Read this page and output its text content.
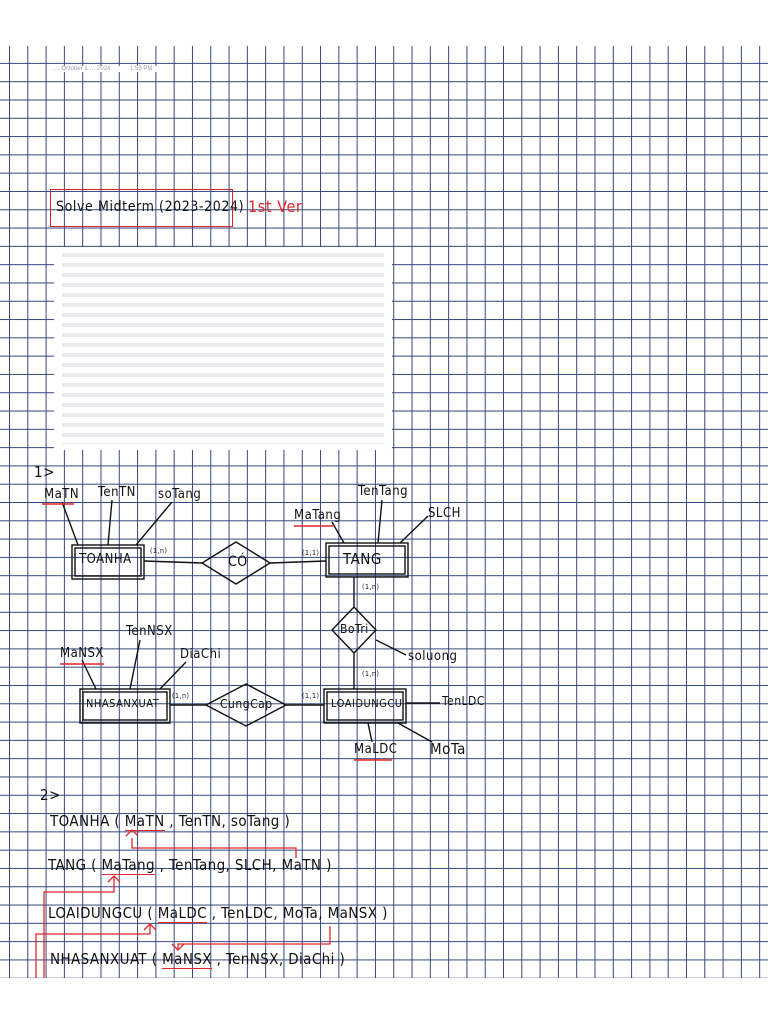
…, October 1…, 2024	1:53 PM
Solve Midterm (2023-2024) 1st Ver
1>
TOANHA	TANG
NHASANXUAT	LOAIDUNGCU
CÓ
BoTri
CungCap
(1,n)	(1,1)
(1,n)
(1,n)
(1,n)	(1,1)
MaTN TenTN soTang
MaTang
TenTang
SLCH
MaNSX
TenNSX
DiaChi	soluong
TenLDC
MaLDC MoTa
2>
TOANHA ( MaTN , TenTN, soTang )
TANG ( MaTang , TenTang, SLCH, MaTN )
LOAIDUNGCU ( MaLDC , TenLDC, MoTa, MaNSX )
NHASANXUAT ( MaNSX , TenNSX, DiaChi )
